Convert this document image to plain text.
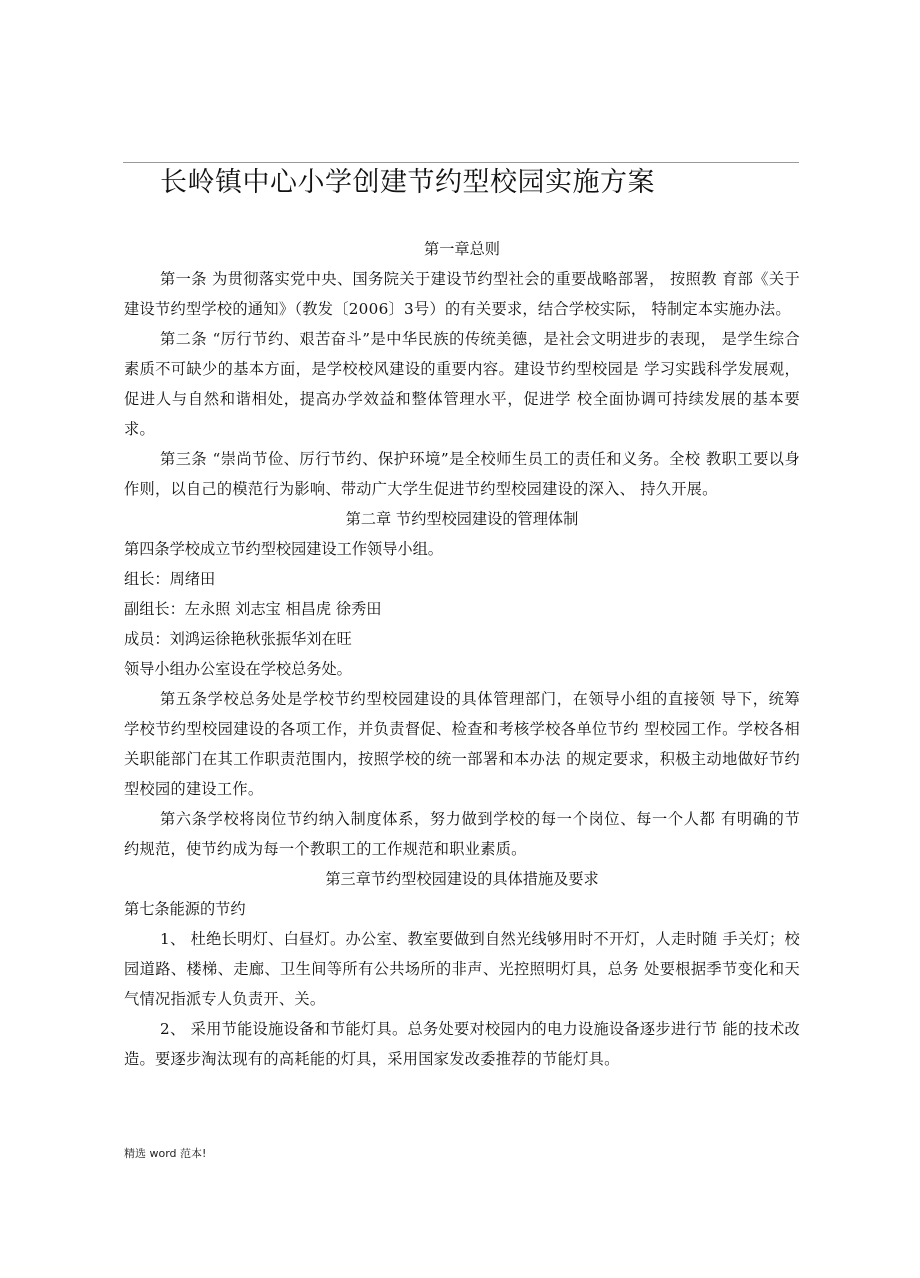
长岭镇中心小学创建节约型校园实施方案

第一章总则

第一条 为贯彻落实党中央、国务院关于建设节约型社会的重要战略部署， 按照教 育部《关于建设节约型学校的通知》（教发〔2006〕3号）的有关要求，结合学校实际， 特制定本实施办法。

第二条 “厉行节约、艰苦奋斗”是中华民族的传统美德，是社会文明进步的表现， 是学生综合素质不可缺少的基本方面，是学校校风建设的重要内容。建设节约型校园是 学习实践科学发展观，促进人与自然和谐相处，提高办学效益和整体管理水平，促进学 校全面协调可持续发展的基本要求。

第三条 “崇尚节俭、厉行节约、保护环境”是全校师生员工的责任和义务。全校 教职工要以身作则，以自己的模范行为影响、带动广大学生促进节约型校园建设的深入、 持久开展。

第二章 节约型校园建设的管理体制

第四条学校成立节约型校园建设工作领导小组。

组长：周绪田

副组长：左永照 刘志宝 相昌虎 徐秀田

成员：刘鸿运徐艳秋张振华刘在旺

领导小组办公室设在学校总务处。

第五条学校总务处是学校节约型校园建设的具体管理部门，在领导小组的直接领 导下，统筹学校节约型校园建设的各项工作，并负责督促、检查和考核学校各单位节约 型校园工作。学校各相关职能部门在其工作职责范围内，按照学校的统一部署和本办法 的规定要求，积极主动地做好节约型校园的建设工作。

第六条学校将岗位节约纳入制度体系，努力做到学校的每一个岗位、每一个人都 有明确的节约规范，使节约成为每一个教职工的工作规范和职业素质。

第三章节约型校园建设的具体措施及要求

第七条能源的节约

1、 杜绝长明灯、白昼灯。办公室、教室要做到自然光线够用时不开灯，人走时随 手关灯；校园道路、楼梯、走廊、卫生间等所有公共场所的非声、光控照明灯具，总务 处要根据季节变化和天气情况指派专人负责开、关。

2、 采用节能设施设备和节能灯具。总务处要对校园内的电力设施设备逐步进行节 能的技术改造。要逐步淘汰现有的高耗能的灯具，采用国家发改委推荐的节能灯具。

精选 word 范本!
